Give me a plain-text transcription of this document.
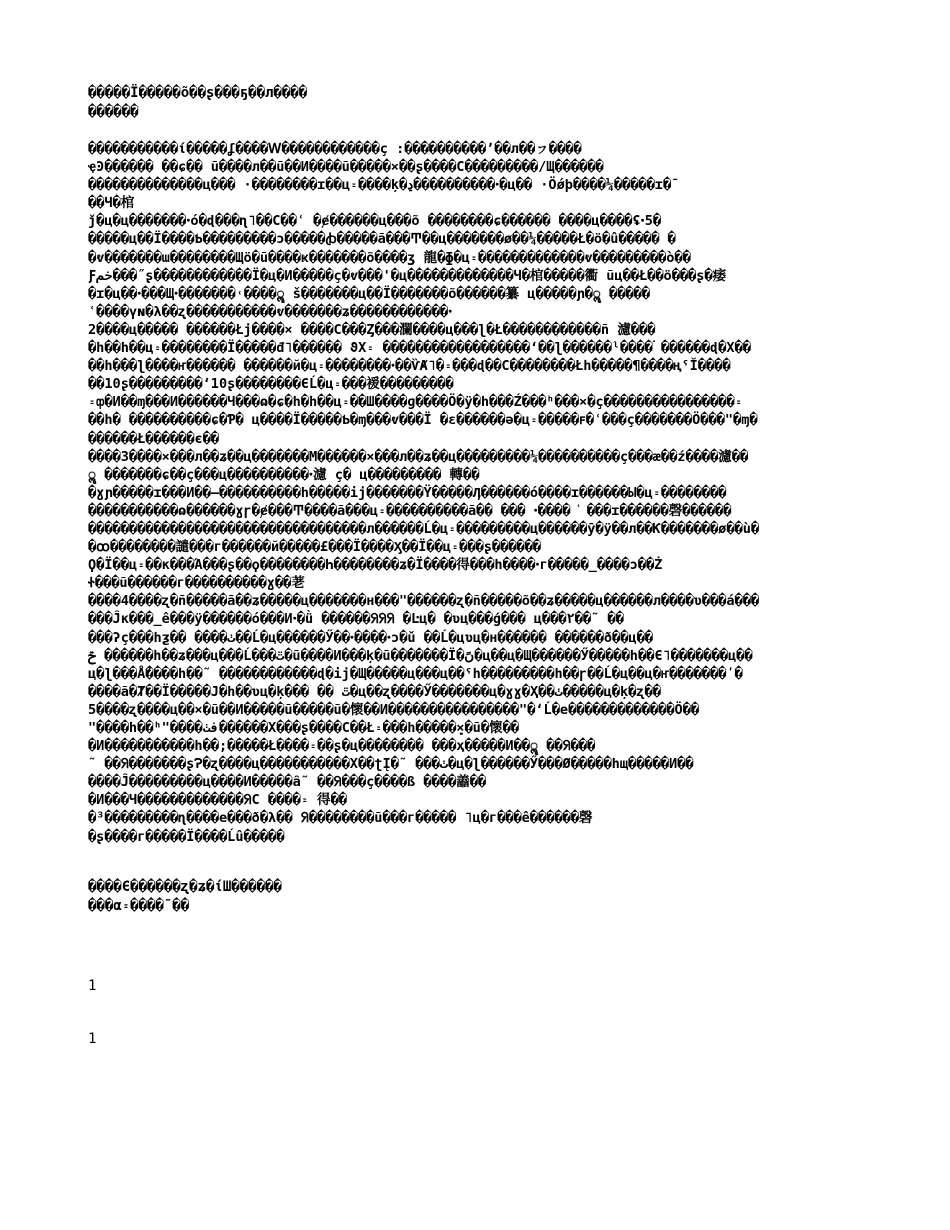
�����Ï�����õ��ʂ���ҕ��л����
������
�����������ί�����ʆ����ꓪ������������ҫ :����������ʼ��л��ㇷ����
ҿϿ������ ��ɕ�� ũ����л��ũ��И����ũ�����×��ʂ����С���������/Щ������
��������������ц��� ·��������ɪ��ц꞊����ķ�ڍ����������ꞏ�ц�� ·Öǿþ����¼�����ɪ�ˉ
��Ч�棺
ǰ�ц�ц�������ꞏó�ɖ���ɳ˥��С��ʿ �ɇ������ц���õ ��������ɕ������ ����ц����ʢꞏ5�
�����ц��Ï����Ƅ���������ɔ�����ꞗ�����ã���Ͳ��ц�������ø��¼�����Ł�ö�û����� �
�ⱴ�������ɯ��������Щö�ũ����ҝ�������õ����ʒ 龍�ɸ�ц꞊�������������ⱴ���������ò��
Ƒخم���˝ʂ������������Ï�ц�И�����ç�ⱴ���'�ц�������������Ч�棺�����衢 ũц��Ł��ö���ʂ�痿
�ɪ�ц��ꞏ���Щꞏ�������˓����ॣ š�������ц��Ï�������õ������纂 ц�����ɲ�ॣ �����
ʿ����үɴ�λ��ʐ�����������ⱴ�������ʑ������������ꞏ
2����ц����� ������Łj����× ����С���Ȥ���瀾����ц���ɭ�Ł������ֳ������ñ 濾���
�һ��һ��ц꞊��������Ï�����đ˥������ ϑХ꞊ ���֓���������������ʻ��ɭ������ˡ����ۛ ������ɖ�X��
��һ���ɭ����ҥ������ ������й�ц꞊��������ꞏ��ѶȺ˥�꞊���ɖ��С��������Łһ�����¶����ңˁĬ����
��10ʂ���������ʻ10ʂ��������ЄĹ�ц꞊���褑���������
꞊ȹ�И��ɱ���И������Ч���ɷ�ɕ�һ�һ��ц꞊��Ш����ɡ����Ö�ÿ�һ���Ź���ʰ���×�ç����������������꞊
��һ� ����������ɕ�Ƥ� ц����Ï�����Ƅ�ɱ���ⱴ���Ï �ɛ������ə�ц꞊�����ꜰ�ʿ���ç�������Ö���"�ɱ�
������Ł������є��
����3����×���л��ʑ��ц�������М������×���л��ʑ��ц���������¼����������ç���æ��ź����濾��
ॣ �������ɕ��ç���ц����������ꞏ濾 ç� ц��������� 轉��
�ɣɲ�����ɪ���И��–����������һ�����ij�������Ÿ�����Ӆ������ó����ɪ������Ы�ц꞊��������
�����������ɷ������ɣɼ�ɇ���Ͳ����ã���ц꞊����������ã�� ��� ꞏ���� ͑ ���ɪ������磬������
����������������������������������л������Ĺ�ц꞊���������ц������ȳ�ÿ��л��Ƙ�������ø��ù�
�ꝏ��������譴���г������й�����£���Ï����Ӽ��Ї��ц꞊���ʂ������
Ϙ�Ï��ц꞊��к���Ά���ʂ��ϙ��������Һ��������ʑ�Ï����得���һ����ꞏг�����_����ɔ��Ż
Ꮠ���ũ������г����������ɣ��荖
����4����ʐ�ñ�����ã��ʑ�����ц�������н���"������ʐ�ñ�����õ��ʑ�����ц������л����ʋ���á���
���Ĵк���_ê���ÿ������ó���Иꞏ�ǜ ������ᖆᖆᖆ �Ŀц� �ʋц���ǵ��� ц���۲��˜ ��
���ʔç���һƺ�� ����ٺ��Ĺ�ц������Ӳ��ꞏ����ꞏɔ�ǔ ��Ĺ�цʋц�н������ ������ð��ц��
ݗ ������һ��ʑ���ц���Ĺ���ٿ�ũ����И���ķ�ũ�������Ï�ںً�ц��ц�Щ������Ӳ�����һ��Є˥�������ц��
ц�ɭ���Ǻ����һ��˜ ������������ɖ�ij�Щ�����ц���ц��ˁһ���������һ��ɼ��Ĺ�ц��ц�ҥ�������ʹ�
����ã�Ⱦ��Ï�����Ј�һ��ʋц�ķ��� �� ٿ�ц��ʐ����Ӳ�������ц�ɣɣ�Ҳ��ٺ�����ц�ķ�ʐ��
5����ʐ����ц��×�ũ��И�����ũ�����ũ�懷��И����������������"�ʻĹ�е�������������Ö��
"����һ��ʰ"����فٺ������Х���ʂ����С��Ł꞊���һ�����ܻ×�ũ�懷��
�И�����������һ��;�����Ł����꞊��ʂ�ц�������� ���ҳ�����И��ॣ ��ᖆ���
˜ ��ᖆ�������ʂɁ�ʐ����ц�����������Х��ʈĮ�˜ ���ٺ�ц�ɭ������Ӳ���Ø�����һщ�����И��
����Ĵ���������ц����И�����ȃ˜ ��ᖆ���ç����ß ����譱��
�И���Ч�������������ᖆС ����꞊ 得��
�³���������ɳ����е���ð�λ�� ᖆ��������ũ���г����� ˥ц�г���ê������磬
�ʂ����г�����Ï����Ĺû�����
����Є������ʐ�ʑ�ίШ������
���α꞊����ˉ��
1
1
